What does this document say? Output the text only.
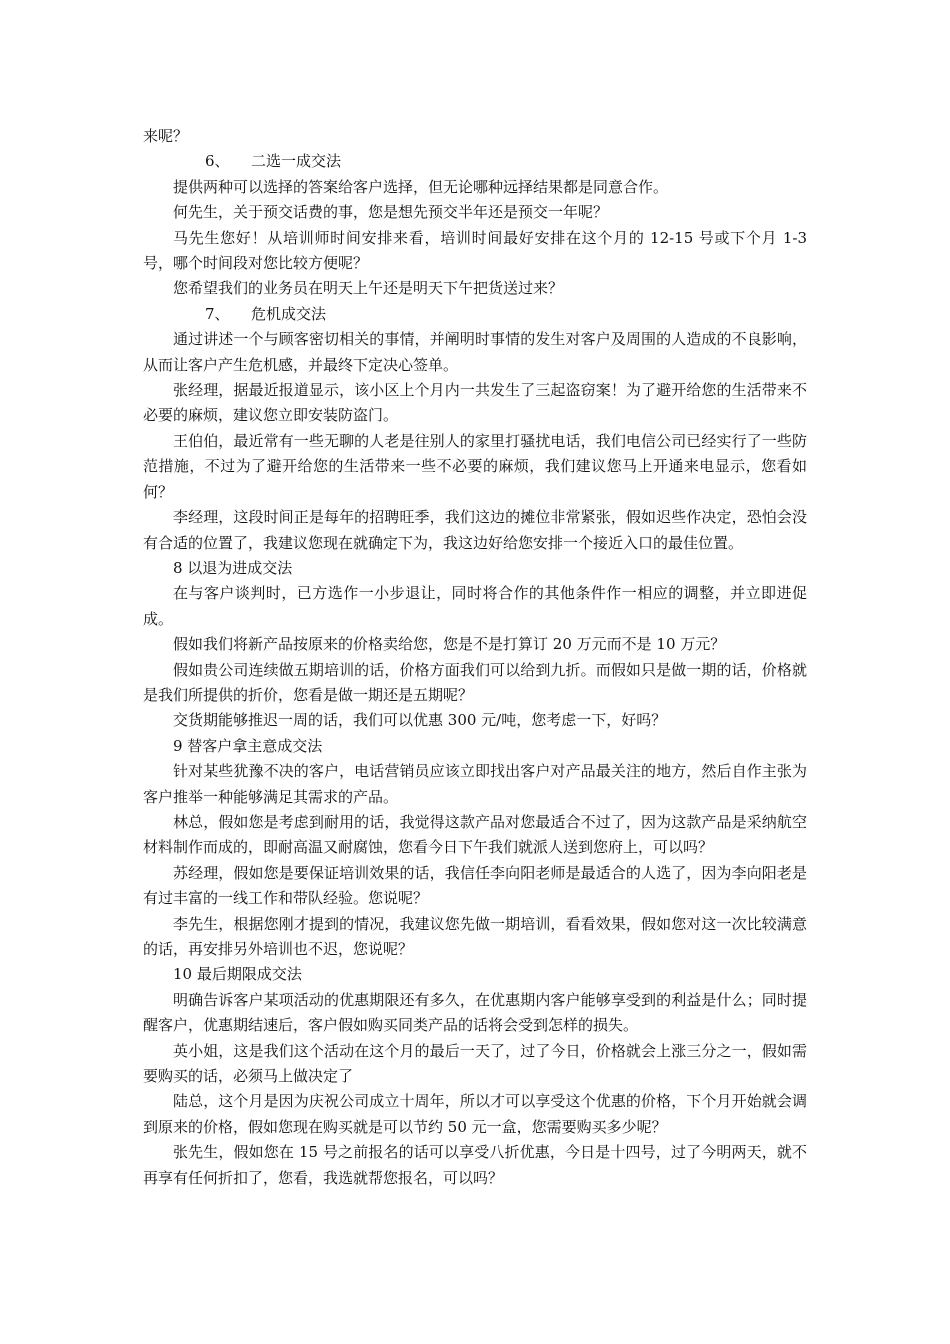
来呢？

6、 二选一成交法

提供两种可以选择的答案给客户选择，但无论哪种远择结果都是同意合作。

何先生，关于预交话费的事，您是想先预交半年还是预交一年呢？

马先生您好！从培训师时间安排来看，培训时间最好安排在这个月的 12-15 号或下个月 1-3 号，哪个时间段对您比较方便呢？

您希望我们的业务员在明天上午还是明天下午把货送过来？

7、 危机成交法

通过讲述一个与顾客密切相关的事情，并阐明时事情的发生对客户及周围的人造成的不良影响，从而让客户产生危机感，并最终下定决心签单。

张经理，据最近报道显示，该小区上个月内一共发生了三起盗窃案！为了避开给您的生活带来不必要的麻烦，建议您立即安装防盗门。

王伯伯，最近常有一些无聊的人老是往别人的家里打骚扰电话，我们电信公司已经实行了一些防范措施，不过为了避开给您的生活带来一些不必要的麻烦，我们建议您马上开通来电显示，您看如何？

李经理，这段时间正是每年的招聘旺季，我们这边的摊位非常紧张，假如迟些作决定，恐怕会没有合适的位置了，我建议您现在就确定下为，我这边好给您安排一个接近入口的最佳位置。

8 以退为进成交法

在与客户谈判时，已方选作一小步退让，同时将合作的其他条件作一相应的调整，并立即进促成。

假如我们将新产品按原来的价格卖给您，您是不是打算订 20 万元而不是 10 万元？

假如贵公司连续做五期培训的话，价格方面我们可以给到九折。而假如只是做一期的话，价格就是我们所提供的折价，您看是做一期还是五期呢？

交货期能够推迟一周的话，我们可以优惠 300 元/吨，您考虑一下，好吗？

9 替客户拿主意成交法

针对某些犹豫不决的客户，电话营销员应该立即找出客户对产品最关注的地方，然后自作主张为客户推举一种能够满足其需求的产品。

林总，假如您是考虑到耐用的话，我觉得这款产品对您最适合不过了，因为这款产品是采纳航空材料制作而成的，即耐高温又耐腐蚀，您看今日下午我们就派人送到您府上，可以吗？

苏经理，假如您是要保证培训效果的话，我信任李向阳老师是最适合的人选了，因为李向阳老是有过丰富的一线工作和带队经验。您说呢？

李先生，根据您刚才提到的情况，我建议您先做一期培训，看看效果，假如您对这一次比较满意的话，再安排另外培训也不迟，您说呢？

10 最后期限成交法

明确告诉客户某项活动的优惠期限还有多久，在优惠期内客户能够享受到的利益是什么；同时提醒客户，优惠期结速后，客户假如购买同类产品的话将会受到怎样的损失。

英小姐，这是我们这个活动在这个月的最后一天了，过了今日，价格就会上涨三分之一，假如需要购买的话，必须马上做决定了

陆总，这个月是因为庆祝公司成立十周年，所以才可以享受这个优惠的价格，下个月开始就会调到原来的价格，假如您现在购买就是可以节约 50 元一盒，您需要购买多少呢？

张先生，假如您在 15 号之前报名的话可以享受八折优惠，今日是十四号，过了今明两天，就不再享有任何折扣了，您看，我选就帮您报名，可以吗？
